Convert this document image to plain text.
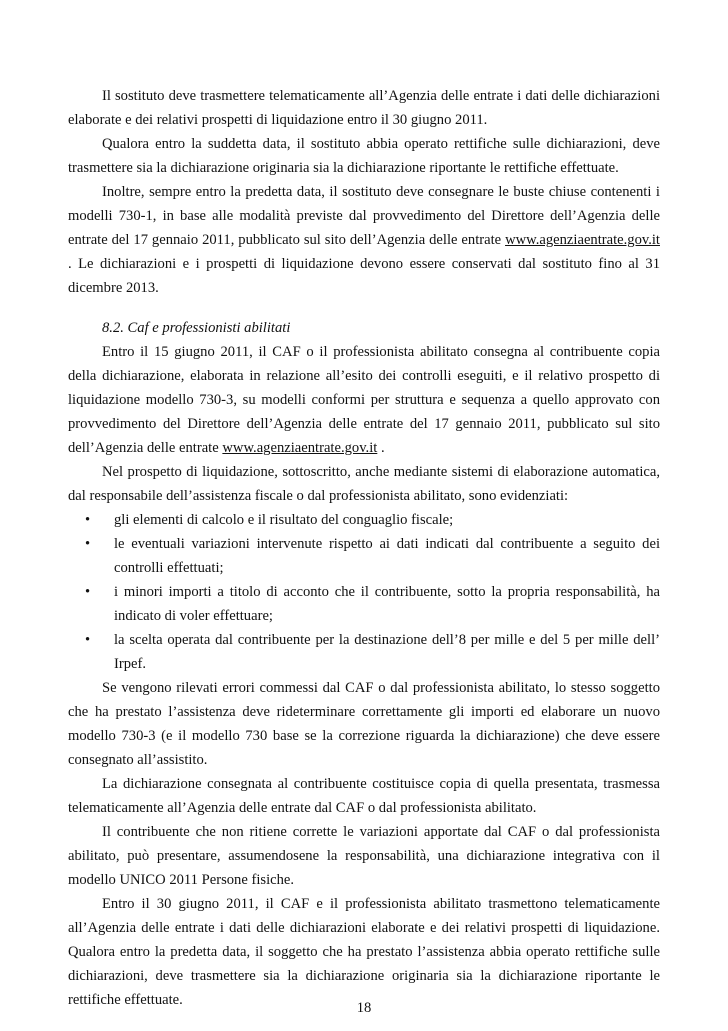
Il sostituto deve trasmettere telematicamente all’Agenzia delle entrate i dati delle dichiarazioni elaborate e dei relativi prospetti di liquidazione entro il 30 giugno 2011.

Qualora entro la suddetta data, il sostituto abbia operato rettifiche sulle dichiarazioni, deve trasmettere sia la dichiarazione originaria sia la dichiarazione riportante le rettifiche effettuate.

Inoltre, sempre entro la predetta data, il sostituto deve consegnare le buste chiuse contenenti i modelli 730-1, in base alle modalità previste dal provvedimento del Direttore dell’Agenzia delle entrate del 17 gennaio 2011, pubblicato sul sito dell’Agenzia delle entrate www.agenziaentrate.gov.it . Le dichiarazioni e i prospetti di liquidazione devono essere conservati dal sostituto fino al 31 dicembre 2013.

8.2. Caf e professionisti abilitati

Entro il 15 giugno 2011, il CAF o il professionista abilitato consegna al contribuente copia della dichiarazione, elaborata in relazione all’esito dei controlli eseguiti, e il relativo prospetto di liquidazione modello 730-3, su modelli conformi per struttura e sequenza a quello approvato con provvedimento del Direttore dell’Agenzia delle entrate del 17 gennaio 2011, pubblicato sul sito dell’Agenzia delle entrate www.agenziaentrate.gov.it .

Nel prospetto di liquidazione, sottoscritto, anche mediante sistemi di elaborazione automatica, dal responsabile dell’assistenza fiscale o dal professionista abilitato, sono evidenziati:

• gli elementi di calcolo e il risultato del conguaglio fiscale;
• le eventuali variazioni intervenute rispetto ai dati indicati dal contribuente a seguito dei controlli effettuati;
• i minori importi a titolo di acconto che il contribuente, sotto la propria responsabilità, ha indicato di voler effettuare;
• la scelta operata dal contribuente per la destinazione dell’8 per mille e del 5 per mille dell’ Irpef.

Se vengono rilevati errori commessi dal CAF o dal professionista abilitato, lo stesso soggetto che ha prestato l’assistenza deve rideterminare correttamente gli importi ed elaborare un nuovo modello 730-3 (e il modello 730 base se la correzione riguarda la dichiarazione) che deve essere consegnato all’assistito.

La dichiarazione consegnata al contribuente costituisce copia di quella presentata, trasmessa telematicamente all’Agenzia delle entrate dal CAF o dal professionista abilitato.

Il contribuente che non ritiene corrette le variazioni apportate dal CAF o dal professionista abilitato, può presentare, assumendosene la responsabilità, una dichiarazione integrativa con il modello UNICO 2011 Persone fisiche.

Entro il 30 giugno 2011, il CAF e il professionista abilitato trasmettono telematicamente all’Agenzia delle entrate i dati delle dichiarazioni elaborate e dei relativi prospetti di liquidazione. Qualora entro la predetta data, il soggetto che ha prestato l’assistenza abbia operato rettifiche sulle dichiarazioni, deve trasmettere sia la dichiarazione originaria sia la dichiarazione riportante le rettifiche effettuate.	18
